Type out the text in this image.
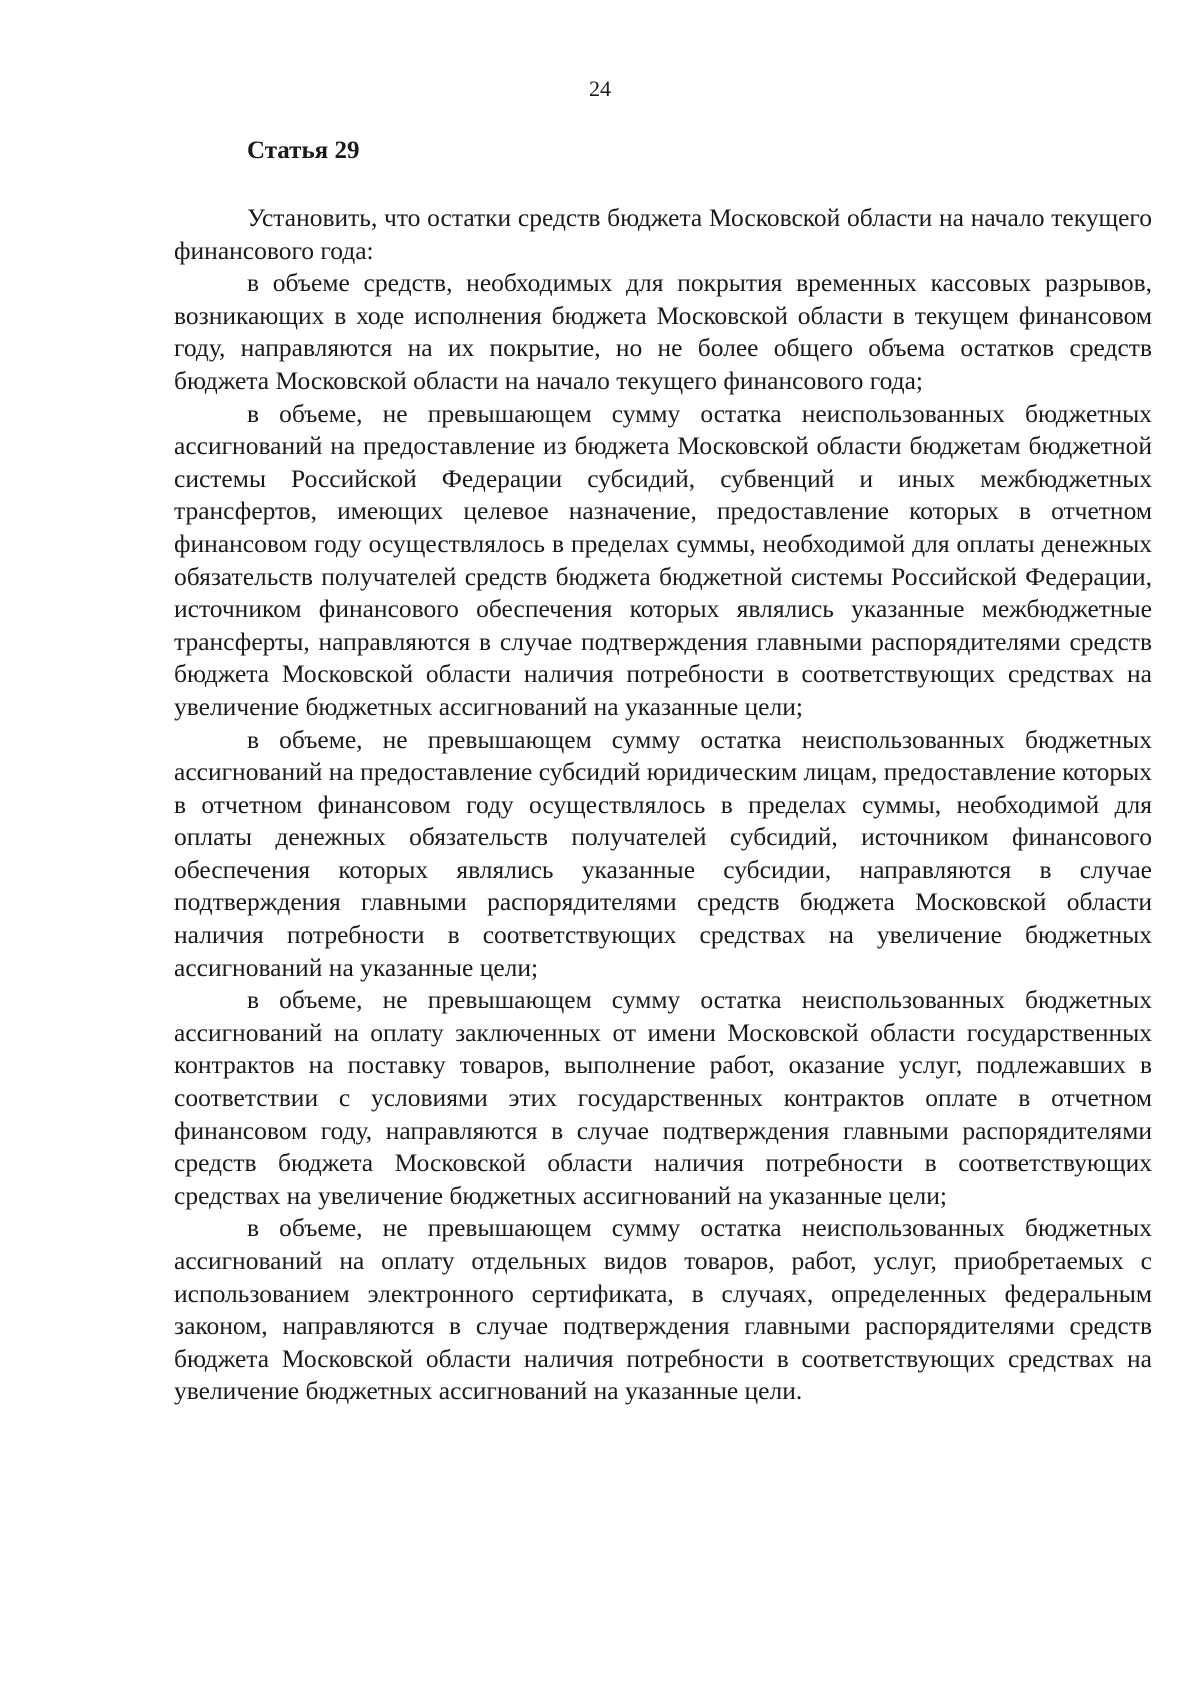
24
Статья 29

Установить, что остатки средств бюджета Московской области на начало текущего финансового года:

в объеме средств, необходимых для покрытия временных кассовых разрывов, возникающих в ходе исполнения бюджета Московской области в текущем финансовом году, направляются на их покрытие, но не более общего объема остатков средств бюджета Московской области на начало текущего финансового года;

в объеме, не превышающем сумму остатка неиспользованных бюджетных ассигнований на предоставление из бюджета Московской области бюджетам бюджетной системы Российской Федерации субсидий, субвенций и иных межбюджетных трансфертов, имеющих целевое назначение, предоставление которых в отчетном финансовом году осуществлялось в пределах суммы, необходимой для оплаты денежных обязательств получателей средств бюджета бюджетной системы Российской Федерации, источником финансового обеспечения которых являлись указанные межбюджетные трансферты, направляются в случае подтверждения главными распорядителями средств бюджета Московской области наличия потребности в соответствующих средствах на увеличение бюджетных ассигнований на указанные цели;

в объеме, не превышающем сумму остатка неиспользованных бюджетных ассигнований на предоставление субсидий юридическим лицам, предоставление которых в отчетном финансовом году осуществлялось в пределах суммы, необходимой для оплаты денежных обязательств получателей субсидий, источником финансового обеспечения которых являлись указанные субсидии, направляются в случае подтверждения главными распорядителями средств бюджета Московской области наличия потребности в соответствующих средствах на увеличение бюджетных ассигнований на указанные цели;

в объеме, не превышающем сумму остатка неиспользованных бюджетных ассигнований на оплату заключенных от имени Московской области государственных контрактов на поставку товаров, выполнение работ, оказание услуг, подлежавших в соответствии с условиями этих государственных контрактов оплате в отчетном финансовом году, направляются в случае подтверждения главными распорядителями средств бюджета Московской области наличия потребности в соответствующих средствах на увеличение бюджетных ассигнований на указанные цели;

в объеме, не превышающем сумму остатка неиспользованных бюджетных ассигнований на оплату отдельных видов товаров, работ, услуг, приобретаемых с использованием электронного сертификата, в случаях, определенных федеральным законом, направляются в случае подтверждения главными распорядителями средств бюджета Московской области наличия потребности в соответствующих средствах на увеличение бюджетных ассигнований на указанные цели.
